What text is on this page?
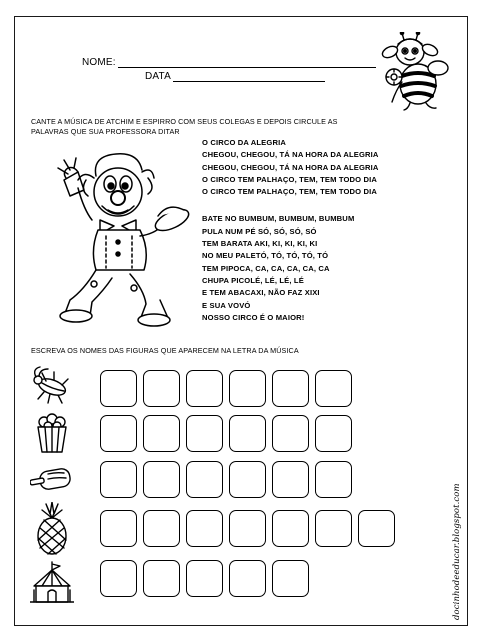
NOME:
DATA

CANTE A MÚSICA DE ATCHIM E ESPIRRO COM SEUS COLEGAS E DEPOIS CIRCULE AS PALAVRAS QUE SUA PROFESSORA DITAR

O CIRCO DA ALEGRIA
CHEGOU, CHEGOU, TÁ NA HORA DA ALEGRIA
CHEGOU, CHEGOU, TÁ NA HORA DA ALEGRIA
O CIRCO TEM PALHAÇO, TEM, TEM TODO DIA
O CIRCO TEM PALHAÇO, TEM, TEM TODO DIA
BATE NO BUMBUM, BUMBUM, BUMBUM
PULA NUM PÉ SÓ, SÓ, SÓ, SÓ
TEM BARATA AKI, KI, KI, KI, KI
NO MEU PALETÓ, TÓ, TÓ, TÓ, TÓ
TEM PIPOCA, CA, CA, CA, CA, CA
CHUPA PICOLÉ, LÉ, LÉ, LÉ
E TEM ABACAXI, NÃO FAZ XIXI
E SUA VOVÓ
NOSSO CIRCO É O MAIOR!

ESCREVA OS NOMES DAS FIGURAS QUE APARECEM NA LETRA DA MÚSICA

docinhodeeducar.blogspot.com
